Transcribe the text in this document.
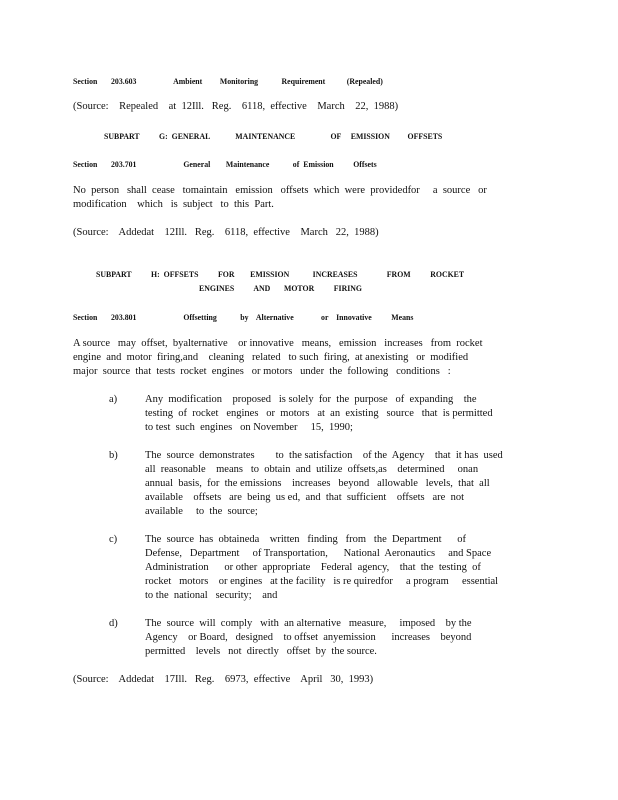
Section       203.603                   Ambient         Monitoring            Requirement           (Repealed)
(Source:    Repealed    at  12Ill.   Reg.    6118,  effective    March    22,  1988)
SUBPART          G:  GENERAL             MAINTENANCE                  OF     EMISSION         OFFSETS
Section       203.701                        General        Maintenance            of  Emission          Offsets
No  person   shall  cease   tomaintain   emission   offsets  which  were  providedfor     a  source   or
modification    which   is  subject   to  this  Part.
(Source:    Addedat    12Ill.   Reg.    6118,  effective    March   22,  1988)
SUBPART          H:  OFFSETS          FOR        EMISSION            INCREASES               FROM          ROCKET
ENGINES          AND       MOTOR          FIRING
Section       203.801                        Offsetting            by    Alternative              or    Innovative          Means
A source   may  offset,  byalternative    or innovative   means,   emission   increases   from  rocket
engine  and  motor  firing,and    cleaning   related   to such  firing,  at anexisting   or  modified
major  source  that  tests  rocket  engines   or motors   under  the  following   conditions   :
a)	Any  modification    proposed   is solely  for  the  purpose   of  expanding    the
testing  of  rocket   engines   or  motors   at  an  existing   source   that  is permitted
to test  such  engines   on November     15,  1990;
b)	The  source  demonstrates        to  the satisfaction    of the  Agency    that  it has  used
all  reasonable    means   to  obtain  and  utilize  offsets,as    determined     onan
annual  basis,  for  the emissions    increases   beyond   allowable   levels,  that  all
available    offsets   are  being  us ed,  and  that  sufficient    offsets   are  not
available     to  the  source;
c)	The  source  has  obtaineda    written   finding   from   the  Department      of
Defense,   Department     of Transportation,      National  Aeronautics     and Space
Administration      or other  appropriate    Federal  agency,    that  the  testing  of
rocket   motors    or engines   at the facility   is re quiredfor     a program     essential
to the  national   security;    and
d)	The  source  will  comply   with  an alternative   measure,     imposed    by the
Agency    or Board,   designed    to offset  anyemission      increases    beyond
permitted    levels   not  directly   offset  by  the source.
(Source:    Addedat    17Ill.   Reg.    6973,  effective    April   30,  1993)
